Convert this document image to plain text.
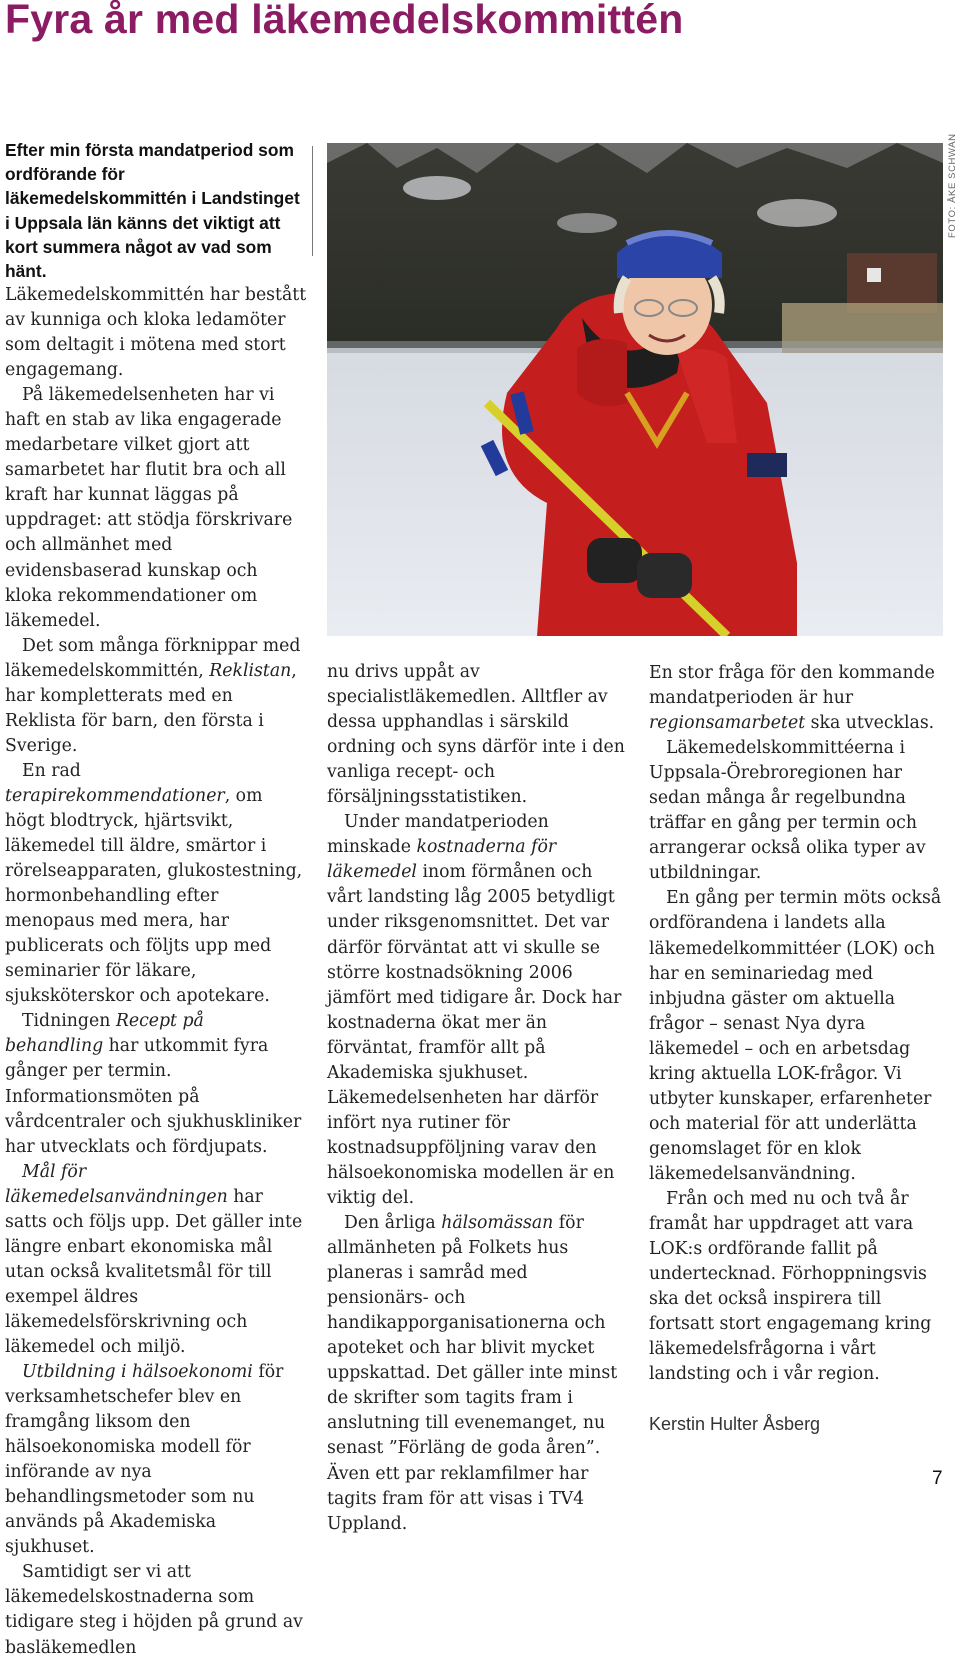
Fyra år med läkemedelskommittén
Efter min första mandatperiod som ordförande för läkemedelskommittén i Landstinget i Uppsala län känns det viktigt att kort summera något av vad som hänt.
FOTO: ÅKE SCHWAN

Läkemedelskommittén har bestått av kunniga och kloka ledamöter som deltagit i mötena med stort engagemang.

På läkemedelsenheten har vi haft en stab av lika engagerade medarbetare vilket gjort att samarbetet har flutit bra och all kraft har kunnat läggas på uppdraget: att stödja förskrivare och allmänhet med evidensbaserad kunskap och kloka rekommendationer om läkemedel.

Det som många förknippar med läkemedelskommittén, Reklistan, har kompletterats med en Reklista för barn, den första i Sverige.

En rad terapirekommendationer, om högt blodtryck, hjärtsvikt, läkemedel till äldre, smärtor i rörelseapparaten, glukostestning, hormonbehandling efter menopaus med mera, har publicerats och följts upp med seminarier för läkare, sjuksköterskor och apotekare.

Tidningen Recept på behandling har utkommit fyra gånger per termin. Informationsmöten på vårdcentraler och sjukhuskliniker har utvecklats och fördjupats.

Mål för läkemedelsanvändningen har satts och följs upp. Det gäller inte längre enbart ekonomiska mål utan också kvalitetsmål för till exempel äldres läkemedelsförskrivning och läkemedel och miljö.

Utbildning i hälsoekonomi för verksamhetschefer blev en framgång liksom den hälsoekonomiska modell för införande av nya behandlingsmetoder som nu används på Akademiska sjukhuset.

Samtidigt ser vi att läkemedelskostnaderna som tidigare steg i höjden på grund av basläkemedlen

nu drivs uppåt av specialistläkemedlen. Alltfler av dessa upphandlas i särskild ordning och syns därför inte i den vanliga recept- och försäljningsstatistiken.

Under mandatperioden minskade kostnaderna för läkemedel inom förmånen och vårt landsting låg 2005 betydligt under riksgenomsnittet. Det var därför förväntat att vi skulle se större kostnadsökning 2006 jämfört med tidigare år. Dock har kostnaderna ökat mer än förväntat, framför allt på Akademiska sjukhuset. Läkemedelsenheten har därför infört nya rutiner för kostnadsuppföljning varav den hälsoekonomiska modellen är en viktig del.

Den årliga hälsomässan för allmänheten på Folkets hus planeras i samråd med pensionärs- och handikapporganisationerna och apoteket och har blivit mycket uppskattad. Det gäller inte minst de skrifter som tagits fram i anslutning till evenemanget, nu senast ”Förläng de goda åren”. Även ett par reklamfilmer har tagits fram för att visas i TV4 Uppland.

En stor fråga för den kommande mandatperioden är hur regionsamarbetet ska utvecklas.

Läkemedelskommittéerna i Uppsala-Örebroregionen har sedan många år regelbundna träffar en gång per termin och arrangerar också olika typer av utbildningar.

En gång per termin möts också ordförandena i landets alla läkemedelkommittéer (LOK) och har en seminariedag med inbjudna gäster om aktuella frågor – senast Nya dyra läkemedel – och en arbetsdag kring aktuella LOK-frågor. Vi utbyter kunskaper, erfarenheter och material för att underlätta genomslaget för en klok läkemedelsanvändning.

Från och med nu och två år framåt har uppdraget att vara LOK:s ordförande fallit på undertecknad. Förhoppningsvis ska det också inspirera till fortsatt stort engagemang kring läkemedelsfrågorna i vårt landsting och i vår region.

Kerstin Hulter Åsberg
7
